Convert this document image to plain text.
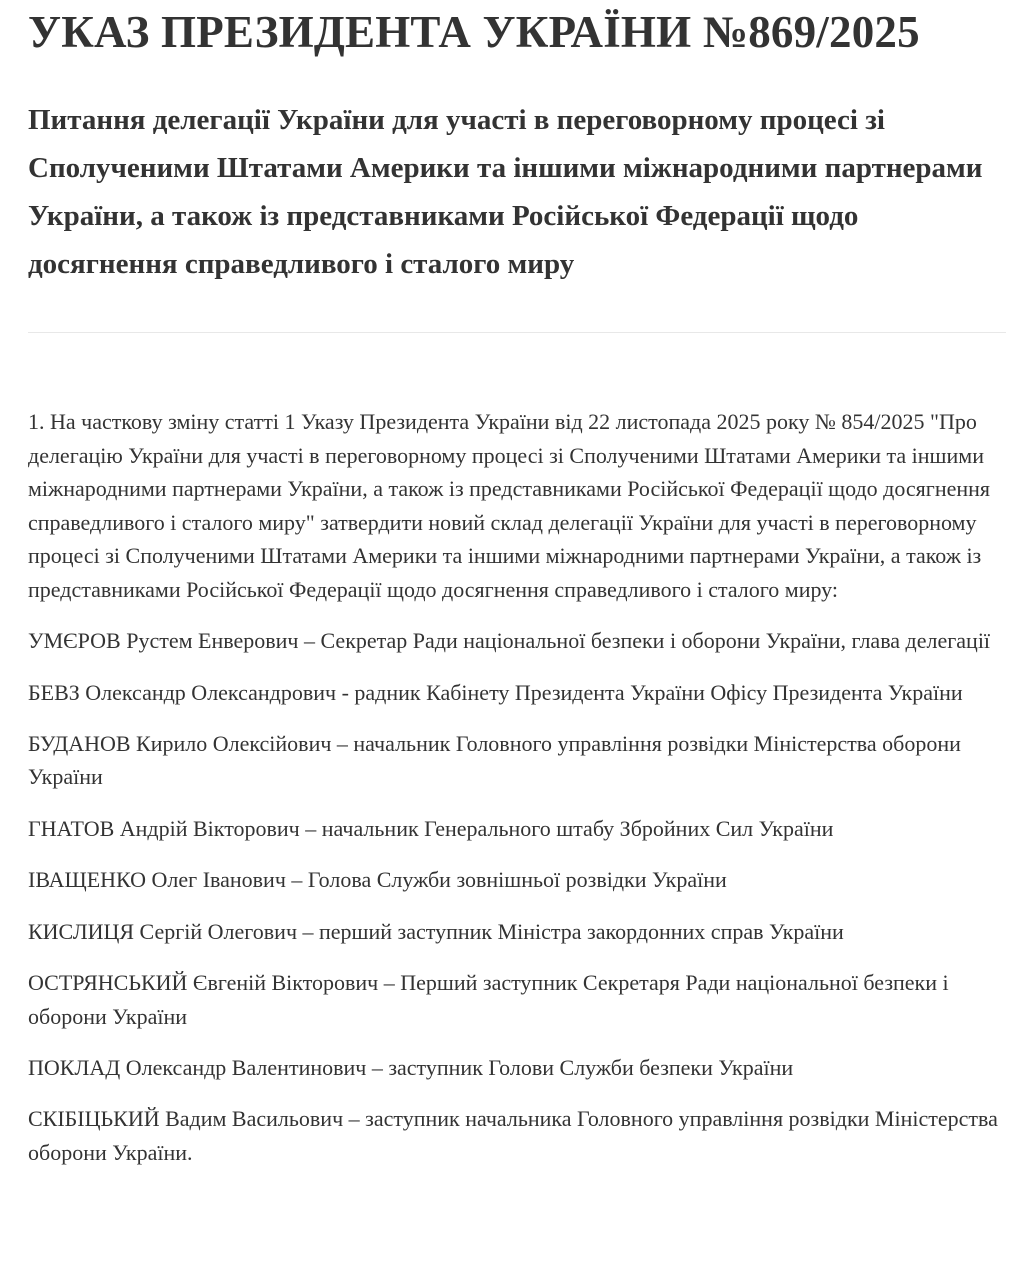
УКАЗ ПРЕЗИДЕНТА УКРАЇНИ №869/2025
Питання делегації України для участі в переговорному процесі зі Сполученими Штатами Америки та іншими міжнародними партнерами України, а також із представниками Російської Федерації щодо досягнення справедливого і сталого миру

1. На часткову зміну статті 1 Указу Президента України від 22 листопада 2025 року № 854/2025 "Про делегацію України для участі в переговорному процесі зі Сполученими Штатами Америки та іншими міжнародними партнерами України, а також із представниками Російської Федерації щодо досягнення справедливого і сталого миру" затвердити новий склад делегації України для участі в переговорному процесі зі Сполученими Штатами Америки та іншими міжнародними партнерами України, а також із представниками Російської Федерації щодо досягнення справедливого і сталого миру:

УМЄРОВ Рустем Енверович – Секретар Ради національної безпеки і оборони України, глава делегації

БЕВЗ Олександр Олександрович - радник Кабінету Президента України Офісу Президента України

БУДАНОВ Кирило Олексійович – начальник Головного управління розвідки Міністерства оборони України

ГНАТОВ Андрій Вікторович – начальник Генерального штабу Збройних Сил України

ІВАЩЕНКО Олег Іванович – Голова Служби зовнішньої розвідки України

КИСЛИЦЯ Сергій Олегович – перший заступник Міністра закордонних справ України

ОСТРЯНСЬКИЙ Євгеній Вікторович – Перший заступник Секретаря Ради національної безпеки і оборони України

ПОКЛАД Олександр Валентинович – заступник Голови Служби безпеки України

СКІБІЦЬКИЙ Вадим Васильович – заступник начальника Головного управління розвідки Міністерства оборони України.
